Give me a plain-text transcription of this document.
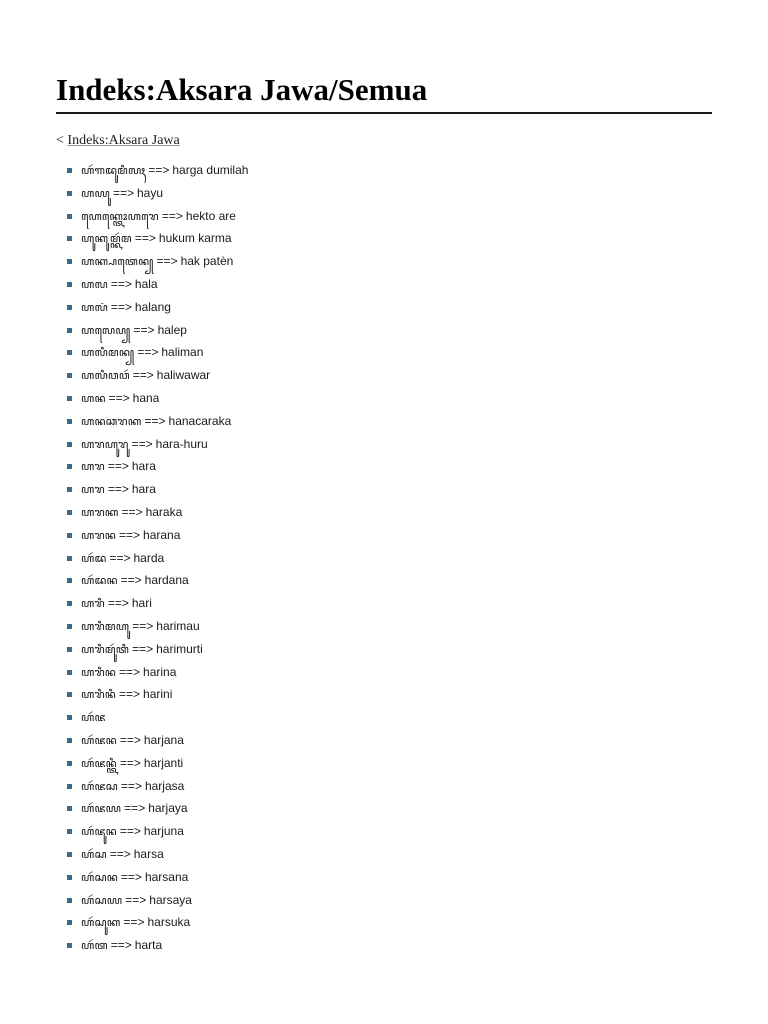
Indeks:Aksara Jawa/Semua
< Indeks:Aksara Jawa
ꦲꦂꦒꦢꦸꦩꦶꦭꦃ ==> harga dumilah
ꦲꦪꦸ ==> hayu
ꦲꦺꦏ꧀ꦠꦺꦴꦲꦫꦺ ==> hekto are
ꦲꦸꦏꦸꦩ꧀ꦏꦂꦩ ==> hukum karma
ꦲꦏ꧀ꦥꦠꦺꦤ꧀ ==> hak patèn
ꦲꦭ ==> hala
ꦲꦭꦁ ==> halang
ꦲꦭꦺꦥ꧀ ==> halep
ꦲꦭꦶꦩꦤ꧀ ==> haliman
ꦲꦭꦶꦮꦮꦂ ==> haliwawar
ꦲꦤ ==> hana
ꦲꦤꦕꦫꦏ ==> hanacaraka
ꦲꦫꦲꦸꦫꦸ ==> hara-huru
ꦲꦫ ==> hara
ꦲꦫ ==> hara
ꦲꦫꦏ ==> haraka
ꦲꦫꦤ ==> harana
ꦲꦂꦢ ==> harda
ꦲꦂꦢꦤ ==> hardana
ꦲꦫꦶ ==> hari
ꦲꦫꦶꦩꦲꦸ ==> harimau
ꦲꦫꦶꦩꦸꦂꦠꦶ ==> harimurti
ꦲꦫꦶꦤ ==> harina
ꦲꦫꦶꦤꦶ ==> harini
ꦲꦂꦗ
ꦲꦂꦗꦤ ==> harjana
ꦲꦂꦗꦤ꧀ꦠꦶ ==> harjanti
ꦲꦂꦗꦱ ==> harjasa
ꦲꦂꦗꦪ ==> harjaya
ꦲꦂꦗꦸꦤ ==> harjuna
ꦲꦂꦱ ==> harsa
ꦲꦂꦱꦤ ==> harsana
ꦲꦂꦱꦪ ==> harsaya
ꦲꦂꦱꦸꦏ ==> harsuka
ꦲꦂꦠ ==> harta
